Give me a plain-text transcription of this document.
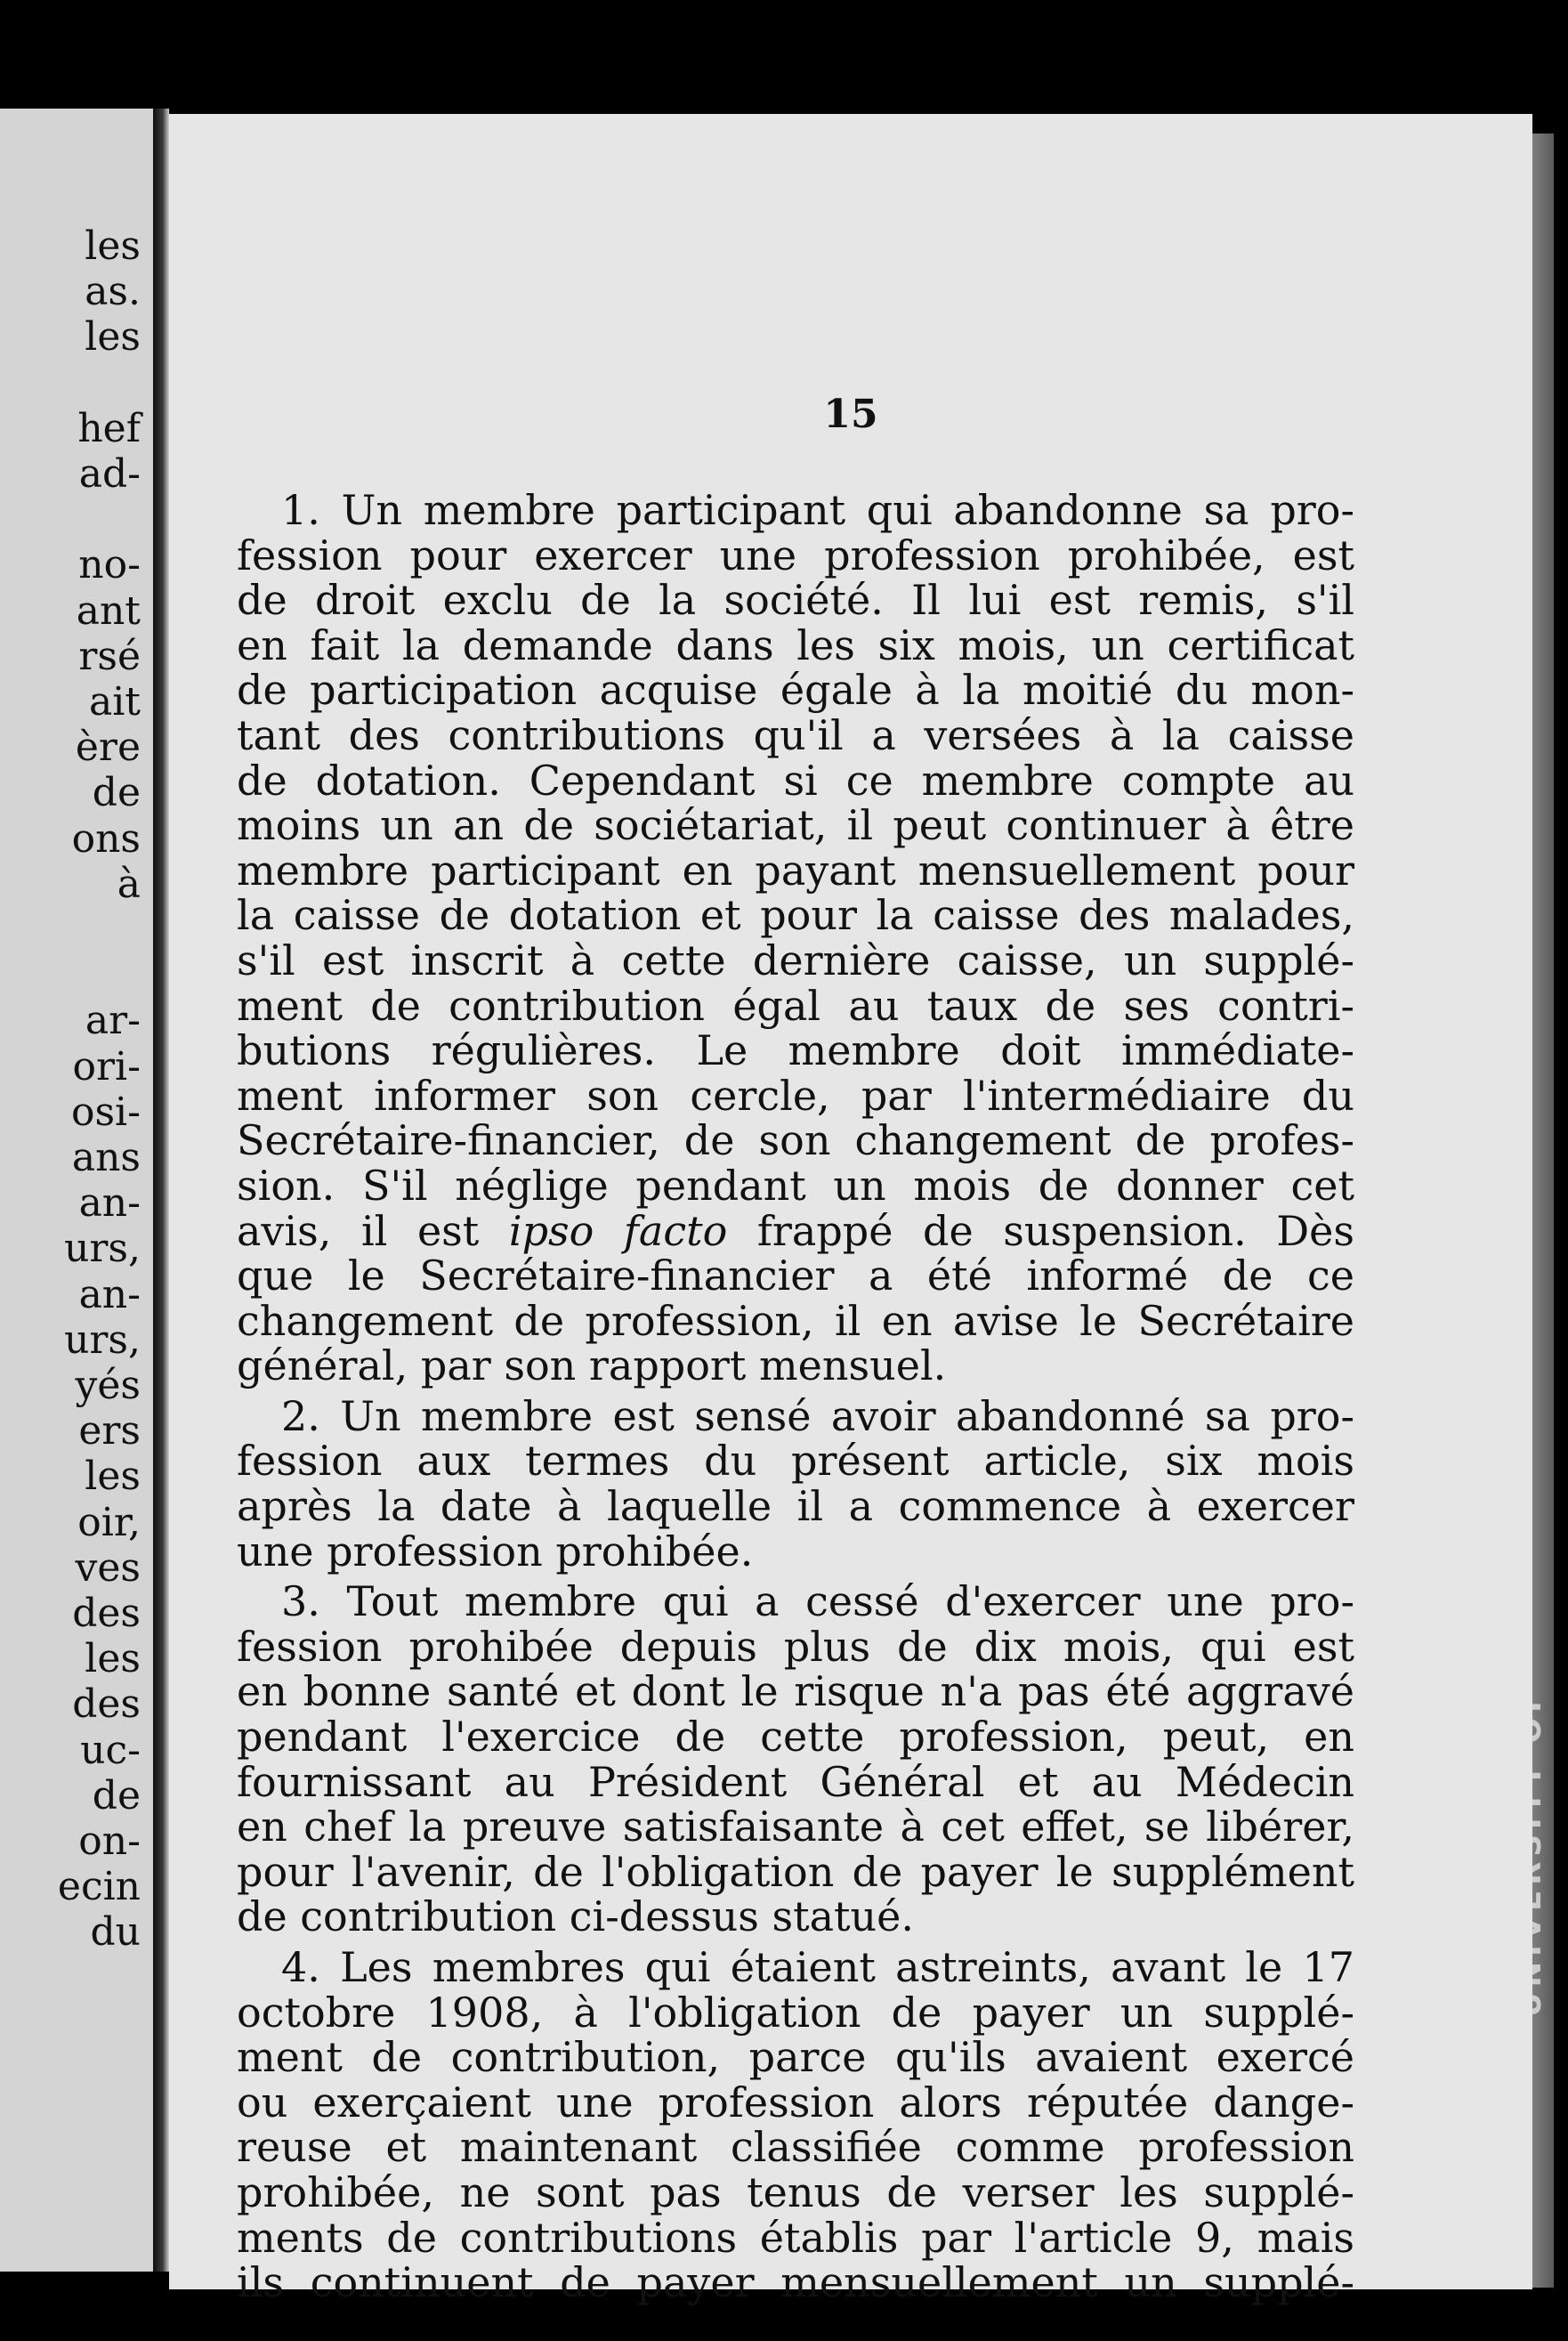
les
as.
les
hef
ad-
no-
ant
rsé
ait
ère
de
ons
à
ar-
ori-
osi-
ans
an-
urs,
an-
urs,
yés
ers
les
oir,
ves
des
les
des
uc-
de
on-
ecin
du
15
1. Un membre participant qui abandonne sa pro-
fession pour exercer une profession prohibée, est
de droit exclu de la société. Il lui est remis, s'il
en fait la demande dans les six mois, un certificat
de participation acquise égale à la moitié du mon-
tant des contributions qu'il a versées à la caisse
de dotation. Cependant si ce membre compte au
moins un an de sociétariat, il peut continuer à être
membre participant en payant mensuellement pour
la caisse de dotation et pour la caisse des malades,
s'il est inscrit à cette dernière caisse, un supplé-
ment de contribution égal au taux de ses contri-
butions régulières. Le membre doit immédiate-
ment informer son cercle, par l'intermédiaire du
Secrétaire-financier, de son changement de profes-
sion. S'il néglige pendant un mois de donner cet
avis, il est ipso facto frappé de suspension. Dès
que le Secrétaire-financier a été informé de ce
changement de profession, il en avise le Secrétaire
général, par son rapport mensuel.
2. Un membre est sensé avoir abandonné sa pro-
fession aux termes du présent article, six mois
après la date à laquelle il a commence à exercer
une profession prohibée.
3. Tout membre qui a cessé d'exercer une pro-
fession prohibée depuis plus de dix mois, qui est
en bonne santé et dont le risque n'a pas été aggravé
pendant l'exercice de cette profession, peut, en
fournissant au Président Général et au Médecin
en chef la preuve satisfaisante à cet effet, se libérer,
pour l'avenir, de l'obligation de payer le supplément
de contribution ci-dessus statué.
4. Les membres qui étaient astreints, avant le 17
octobre 1908, à l'obligation de payer un supplé-
ment de contribution, parce qu'ils avaient exercé
ou exerçaient une profession alors réputée dange-
reuse et maintenant classifiée comme profession
prohibée, ne sont pas tenus de verser les supplé-
ments de contributions établis par l'article 9, mais
ils continuent de payer mensuellement un supplé-
